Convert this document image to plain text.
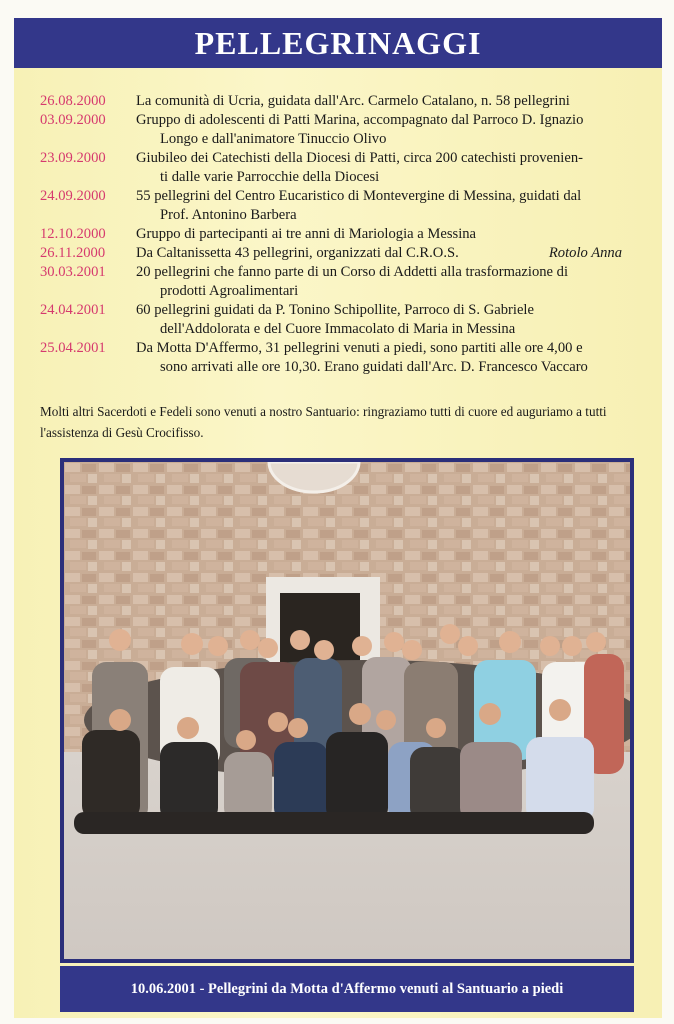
PELLEGRINAGGI
26.08.2000	La comunità di Ucria, guidata dall'Arc. Carmelo Catalano, n. 58 pellegrini
03.09.2000	Gruppo di adolescenti di Patti Marina, accompagnato dal Parroco D. Ignazio
Longo e dall'animatore Tinuccio Olivo
23.09.2000	Giubileo dei Catechisti della Diocesi di Patti, circa 200 catechisti provenien-
ti dalle varie Parrocchie della Diocesi
24.09.2000	55 pellegrini del Centro Eucaristico di Montevergine di Messina, guidati dal
Prof. Antonino Barbera
12.10.2000	Gruppo di partecipanti ai tre anni di Mariologia a Messina
26.11.2000	Da Caltanissetta 43 pellegrini, organizzati dal C.R.O.S.	Rotolo Anna
30.03.2001	20 pellegrini che fanno parte di un Corso di Addetti alla trasformazione di
prodotti Agroalimentari
24.04.2001	60 pellegrini guidati da P. Tonino Schipollite, Parroco di S. Gabriele
dell'Addolorata e del Cuore Immacolato di Maria in Messina
25.04.2001	Da Motta D'Affermo, 31 pellegrini venuti a piedi, sono partiti alle ore 4,00 e
sono arrivati alle ore 10,30. Erano guidati dall'Arc. D. Francesco Vaccaro
Molti altri Sacerdoti e Fedeli sono venuti a nostro Santuario: ringraziamo tutti di cuore ed auguriamo a tutti l'assistenza di Gesù Crocifisso.
10.06.2001 - Pellegrini da Motta d'Affermo venuti al Santuario a piedi
